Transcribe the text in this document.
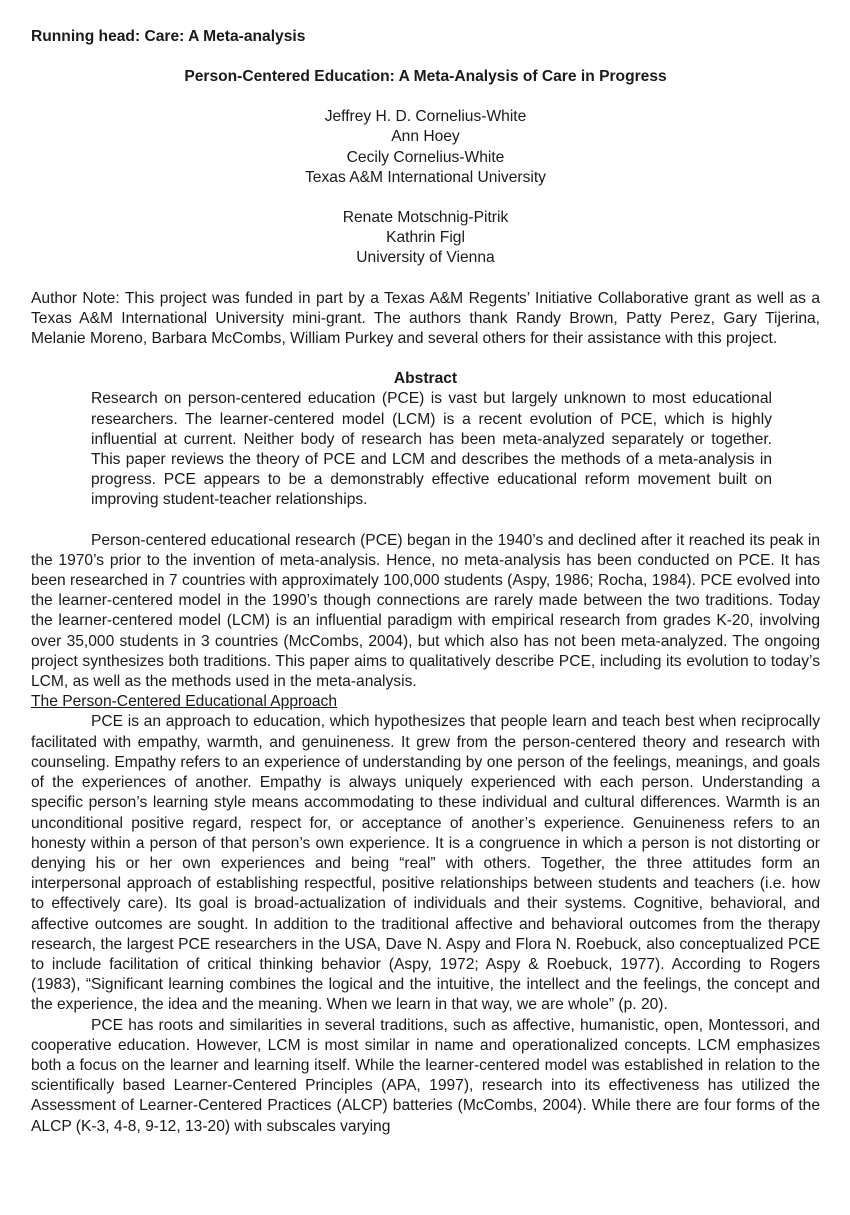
Running head: Care: A Meta-analysis

Person-Centered Education: A Meta-Analysis of Care in Progress

Jeffrey H. D. Cornelius-White
Ann Hoey
Cecily Cornelius-White
Texas A&M International University
Renate Motschnig-Pitrik
Kathrin Figl
University of Vienna

Author Note: This project was funded in part by a Texas A&M Regents’ Initiative Collaborative grant as well as a Texas A&M International University mini-grant. The authors thank Randy Brown, Patty Perez, Gary Tijerina, Melanie Moreno, Barbara McCombs, William Purkey and several others for their assistance with this project.

Abstract

Research on person-centered education (PCE) is vast but largely unknown to most educational researchers. The learner-centered model (LCM) is a recent evolution of PCE, which is highly influential at current. Neither body of research has been meta-analyzed separately or together. This paper reviews the theory of PCE and LCM and describes the methods of a meta-analysis in progress. PCE appears to be a demonstrably effective educational reform movement built on improving student-teacher relationships.

Person-centered educational research (PCE) began in the 1940’s and declined after it reached its peak in the 1970’s prior to the invention of meta-analysis. Hence, no meta-analysis has been conducted on PCE. It has been researched in 7 countries with approximately 100,000 students (Aspy, 1986; Rocha, 1984). PCE evolved into the learner-centered model in the 1990’s though connections are rarely made between the two traditions. Today the learner-centered model (LCM) is an influential paradigm with empirical research from grades K-20, involving over 35,000 students in 3 countries (McCombs, 2004), but which also has not been meta-analyzed. The ongoing project synthesizes both traditions. This paper aims to qualitatively describe PCE, including its evolution to today’s LCM, as well as the methods used in the meta-analysis.

The Person-Centered Educational Approach

PCE is an approach to education, which hypothesizes that people learn and teach best when reciprocally facilitated with empathy, warmth, and genuineness. It grew from the person-centered theory and research with counseling. Empathy refers to an experience of understanding by one person of the feelings, meanings, and goals of the experiences of another. Empathy is always uniquely experienced with each person. Understanding a specific person’s learning style means accommodating to these individual and cultural differences. Warmth is an unconditional positive regard, respect for, or acceptance of another’s experience. Genuineness refers to an honesty within a person of that person’s own experience. It is a congruence in which a person is not distorting or denying his or her own experiences and being “real” with others. Together, the three attitudes form an interpersonal approach of establishing respectful, positive relationships between students and teachers (i.e. how to effectively care). Its goal is broad-actualization of individuals and their systems. Cognitive, behavioral, and affective outcomes are sought. In addition to the traditional affective and behavioral outcomes from the therapy research, the largest PCE researchers in the USA, Dave N. Aspy and Flora N. Roebuck, also conceptualized PCE to include facilitation of critical thinking behavior (Aspy, 1972; Aspy & Roebuck, 1977). According to Rogers (1983), “Significant learning combines the logical and the intuitive, the intellect and the feelings, the concept and the experience, the idea and the meaning. When we learn in that way, we are whole” (p. 20).

PCE has roots and similarities in several traditions, such as affective, humanistic, open, Montessori, and cooperative education. However, LCM is most similar in name and operationalized concepts. LCM emphasizes both a focus on the learner and learning itself. While the learner-centered model was established in relation to the scientifically based Learner-Centered Principles (APA, 1997), research into its effectiveness has utilized the Assessment of Learner-Centered Practices (ALCP) batteries (McCombs, 2004). While there are four forms of the ALCP (K-3, 4-8, 9-12, 13-20) with subscales varying
